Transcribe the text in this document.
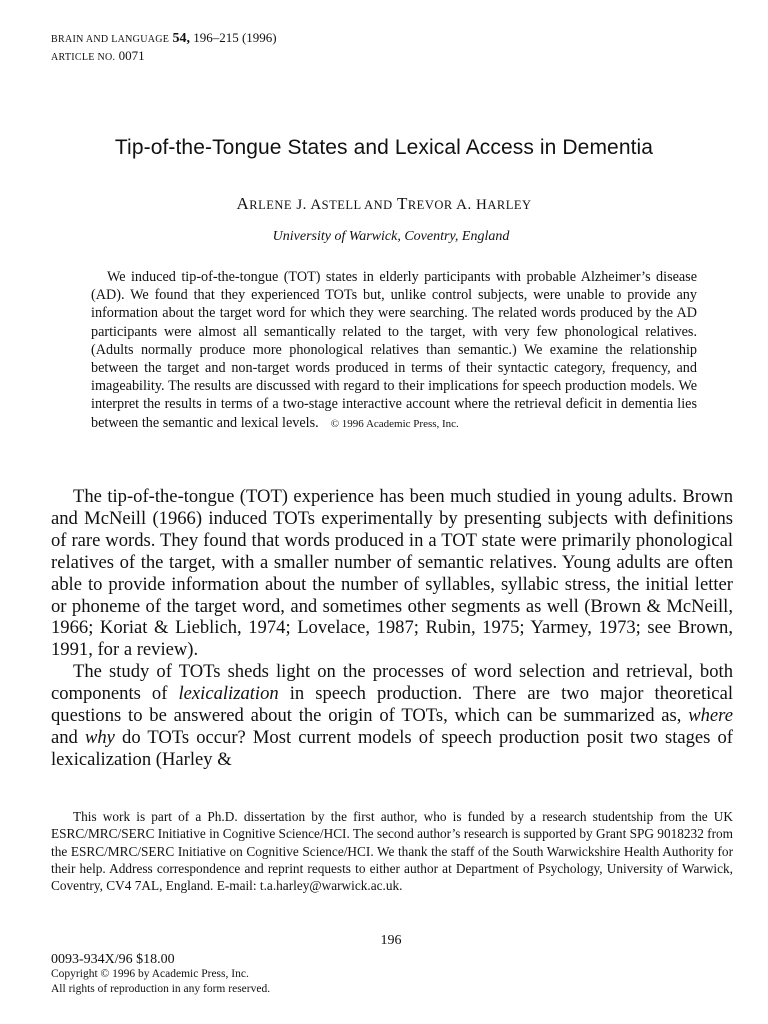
BRAIN AND LANGUAGE 54, 196–215 (1996)
ARTICLE NO. 0071
Tip-of-the-Tongue States and Lexical Access in Dementia
ARLENE J. ASTELL AND TREVOR A. HARLEY
University of Warwick, Coventry, England
We induced tip-of-the-tongue (TOT) states in elderly participants with probable Alzheimer’s disease (AD). We found that they experienced TOTs but, unlike control subjects, were unable to provide any information about the target word for which they were searching. The related words produced by the AD participants were almost all semantically related to the target, with very few phonological relatives. (Adults normally produce more phonological relatives than semantic.) We examine the relationship between the target and non-target words produced in terms of their syntactic category, frequency, and imageability. The results are discussed with regard to their implications for speech production models. We interpret the results in terms of a two-stage interactive account where the retrieval deficit in dementia lies between the semantic and lexical levels. © 1996 Academic Press, Inc.

The tip-of-the-tongue (TOT) experience has been much studied in young adults. Brown and McNeill (1966) induced TOTs experimentally by presenting subjects with definitions of rare words. They found that words produced in a TOT state were primarily phonological relatives of the target, with a smaller number of semantic relatives. Young adults are often able to provide information about the number of syllables, syllabic stress, the initial letter or phoneme of the target word, and sometimes other segments as well (Brown & McNeill, 1966; Koriat & Lieblich, 1974; Lovelace, 1987; Rubin, 1975; Yarmey, 1973; see Brown, 1991, for a review).

The study of TOTs sheds light on the processes of word selection and retrieval, both components of lexicalization in speech production. There are two major theoretical questions to be answered about the origin of TOTs, which can be summarized as, where and why do TOTs occur? Most current models of speech production posit two stages of lexicalization (Harley &

This work is part of a Ph.D. dissertation by the first author, who is funded by a research studentship from the UK ESRC/MRC/SERC Initiative in Cognitive Science/HCI. The second author’s research is supported by Grant SPG 9018232 from the ESRC/MRC/SERC Initiative on Cognitive Science/HCI. We thank the staff of the South Warwickshire Health Authority for their help. Address correspondence and reprint requests to either author at Department of Psychology, University of Warwick, Coventry, CV4 7AL, England. E-mail: t.a.harley@warwick.ac.uk.
196
0093-934X/96 $18.00
Copyright © 1996 by Academic Press, Inc.
All rights of reproduction in any form reserved.
